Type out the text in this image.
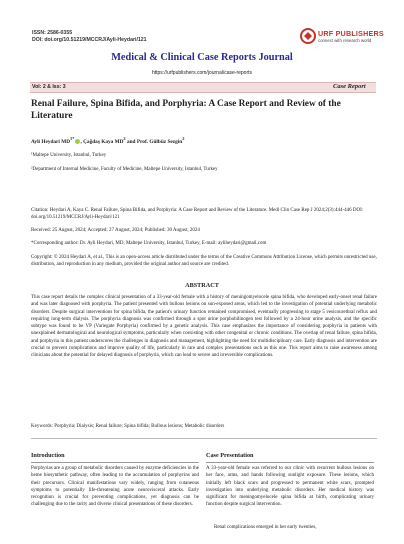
ISSN: 2586-0355
DOI: doi.org/10.51219/MCCRJ/Ayli-Heydari/121
URF PUBLISHERS
connect with research world
Medical & Clinical Case Reports Journal
https://urfpublishers.com/journal/case-reports
Vol: 2 & Iss: 3	Case Report
Renal Failure, Spina Bifida, and Porphyria: A Case Report and Review of the Literature
Ayli Heydari $MD^{1*}$, Çağdaş Kaya $MD^2$ and Prof. Gülbüz Sezgin$^2$
¹Maltepe University, Istanbul, Turkey
²Department of Internal Medicine, Faculty of Medicine, Maltepe University, Istanbul, Turkey
Citation: Heydari A, Kaya C. Renal Failure, Spina Bifida, and Porphyria: A Case Report and Review of the Literature. Medi Clin Case Rep J 2024;2(3):444-446 DOI: doi.org/10.51219/MCCRJ/Ayli-Heydari/121
Received: 25 August, 2024; Accepted: 27 August, 2024; Published: 30 August, 2024
*Corresponding author: Dr. Ayli Heydari, MD, Maltepe University, Istanbul, Turkey, E-mail: ayliheydari@gmail.com
Copyright: © 2024 Heydari A, et al., This is an open-access article distributed under the terms of the Creative Commons Attribution License, which permits unrestricted use, distribution, and reproduction in any medium, provided the original author and source are credited.
ABSTRACT
This case report details the complex clinical presentation of a 33-year-old female with a history of meningomyelocele spina bifida, who developed early-onset renal failure and was later diagnosed with porphyria. The patient presented with bullous lesions on sun-exposed areas, which led to the investigation of potential underlying metabolic disorders. Despite surgical interventions for spina bifida, the patient's urinary function remained compromised, eventually progressing to stage 5 vesicourethral reflux and requiring long-term dialysis. The porphyria diagnosis was confirmed through a spot urine porphobilinogen test followed by a 24-hour urine analysis, and the specific subtype was found to be VP (Variegate Porphyria) confirmed by a genetic analysis. This case emphasizes the importance of considering porphyria in patients with unexplained dermatological and neurological symptoms, particularly when coexisting with other congenital or chronic conditions. The overlap of renal failure, spina bifida, and porphyria in this patient underscores the challenges in diagnosis and management, highlighting the need for multidisciplinary care. Early diagnosis and intervention are crucial to prevent complications and improve quality of life, particularly in rare and complex presentations such as this one. This report aims to raise awareness among clinicians about the potential for delayed diagnosis of porphyria, which can lead to severe and irreversible complications.
Keywords: Porphyria; Dialysis; Renal failure; Spina bifida; Bullous lesions; Metabolic disorders
Introduction
Porphyrias are a group of metabolic disorders caused by enzyme deficiencies in the heme biosynthetic pathway, often leading to the accumulation of porphyrins and their precursors. Clinical manifestations vary widely, ranging from cutaneous symptoms to potentially life-threatening acute neurovisceral attacks. Early recognition is crucial for preventing complications, yet diagnosis can be challenging due to the rarity and diverse clinical presentations of these disorders.
Case Presentation
A 33-year-old female was referred to our clinic with recurrent bullous lesions on her face, arms, and hands following sunlight exposure. These lesions, which initially left black scars and progressed to permanent white scars, prompted investigation into underlying metabolic disorders. Her medical history was significant for meningomyelocele spina bifida at birth, complicating urinary function despite surgical intervention.
Renal complications emerged in her early twenties,
